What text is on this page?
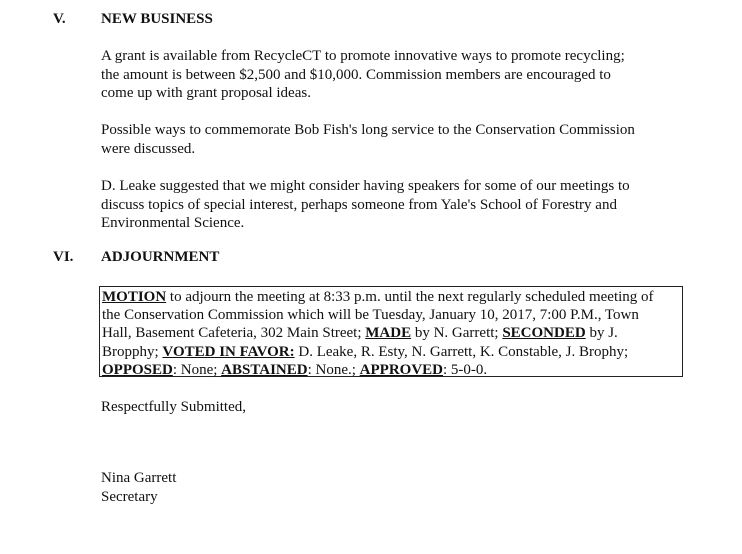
V. NEW BUSINESS
A grant is available from RecycleCT to promote innovative ways to promote recycling;
the amount is between $2,500 and $10,000. Commission members are encouraged to
come up with grant proposal ideas.
Possible ways to commemorate Bob Fish's long service to the Conservation Commission
were discussed.
D. Leake suggested that we might consider having speakers for some of our meetings to
discuss topics of special interest, perhaps someone from Yale's School of Forestry and
Environmental Science.
VI. ADJOURNMENT
MOTION to adjourn the meeting at 8:33 p.m. until the next regularly scheduled meeting of
the Conservation Commission which will be Tuesday, January 10, 2017, 7:00 P.M., Town
Hall, Basement Cafeteria, 302 Main Street; MADE by N. Garrett; SECONDED by J.
Bropphy; VOTED IN FAVOR: D. Leake, R. Esty, N. Garrett, K. Constable, J. Brophy;
OPPOSED: None; ABSTAINED: None.; APPROVED: 5-0-0.
Respectfully Submitted,
Nina Garrett
Secretary
